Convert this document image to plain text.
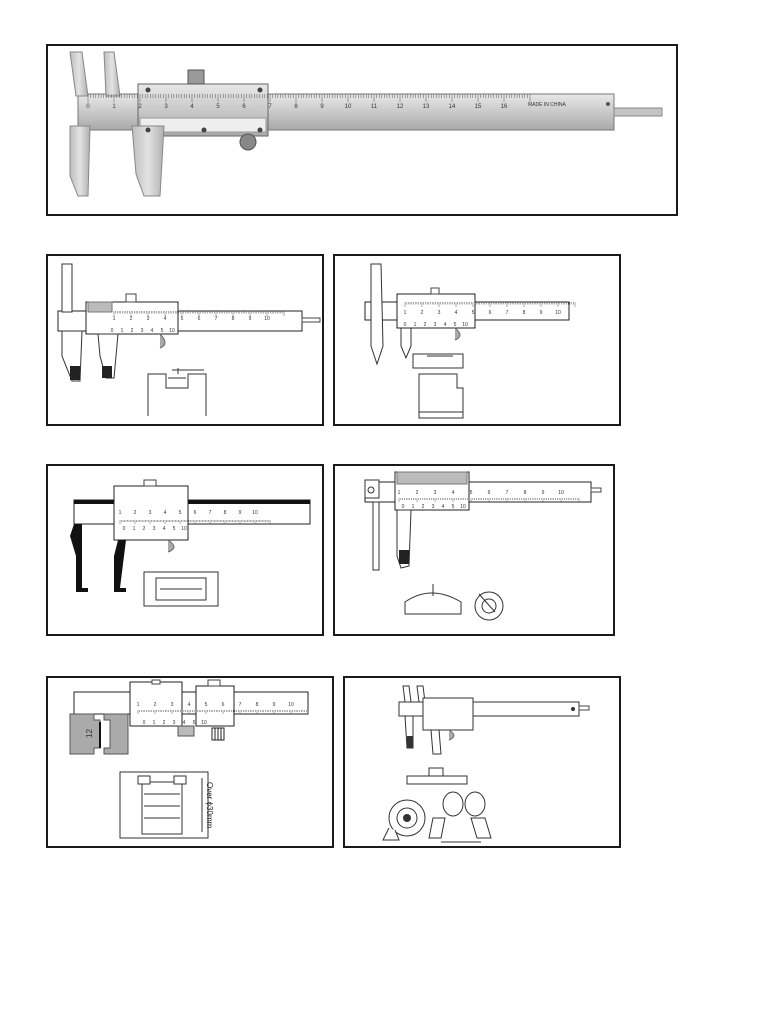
0	1	2	3	4	5	6	7	8	9	10	11	12	13	14	15	16	MADE IN CHINA
1	2	3	4	5	6	7	8	9	10
0 1 2 3 4 5 10
1	2	3	4	5	6	7	8	9	10
0 1 2 3 4 5 10
1 2 3 4 5 6 7 8 9 10
0 1 2 3 4 5 10
1	2	3	4	5	6	7	8	9	10
0 1 2 3 4 5 10
12
1	2	3	4	5	6	7	8	9	10
0 1 2 3 4 5 10
Over ϕ30mm
